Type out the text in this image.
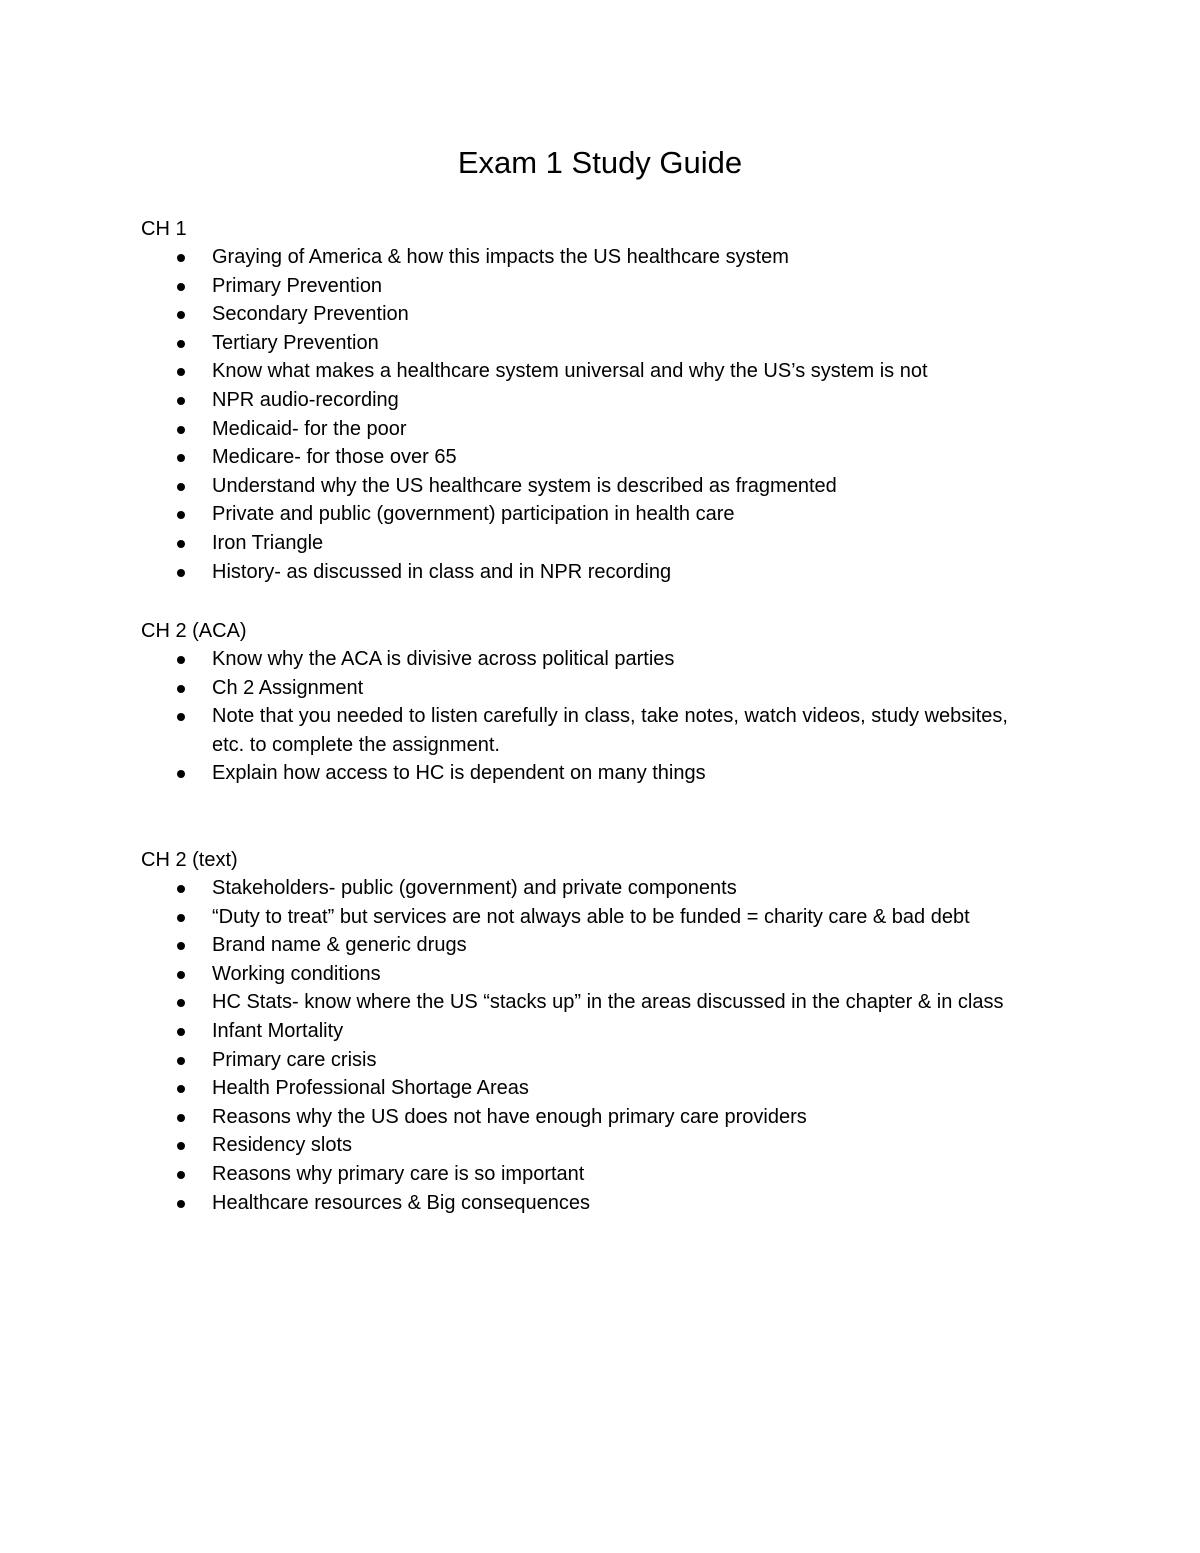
Exam 1 Study Guide
CH 1
Graying of America & how this impacts the US healthcare system
Primary Prevention
Secondary Prevention
Tertiary Prevention
Know what makes a healthcare system universal and why the US’s system is not
NPR audio-recording
Medicaid- for the poor
Medicare- for those over 65
Understand why the US healthcare system is described as fragmented
Private and public (government) participation in health care
Iron Triangle
History- as discussed in class and in NPR recording
CH 2 (ACA)
Know why the ACA is divisive across political parties
Ch 2 Assignment
Note that you needed to listen carefully in class, take notes, watch videos, study websites, etc. to complete the assignment.
Explain how access to HC is dependent on many things
CH 2 (text)
Stakeholders- public (government) and private components
“Duty to treat” but services are not always able to be funded = charity care & bad debt
Brand name & generic drugs
Working conditions
HC Stats- know where the US “stacks up” in the areas discussed in the chapter & in class
Infant Mortality
Primary care crisis
Health Professional Shortage Areas
Reasons why the US does not have enough primary care providers
Residency slots
Reasons why primary care is so important
Healthcare resources & Big consequences
